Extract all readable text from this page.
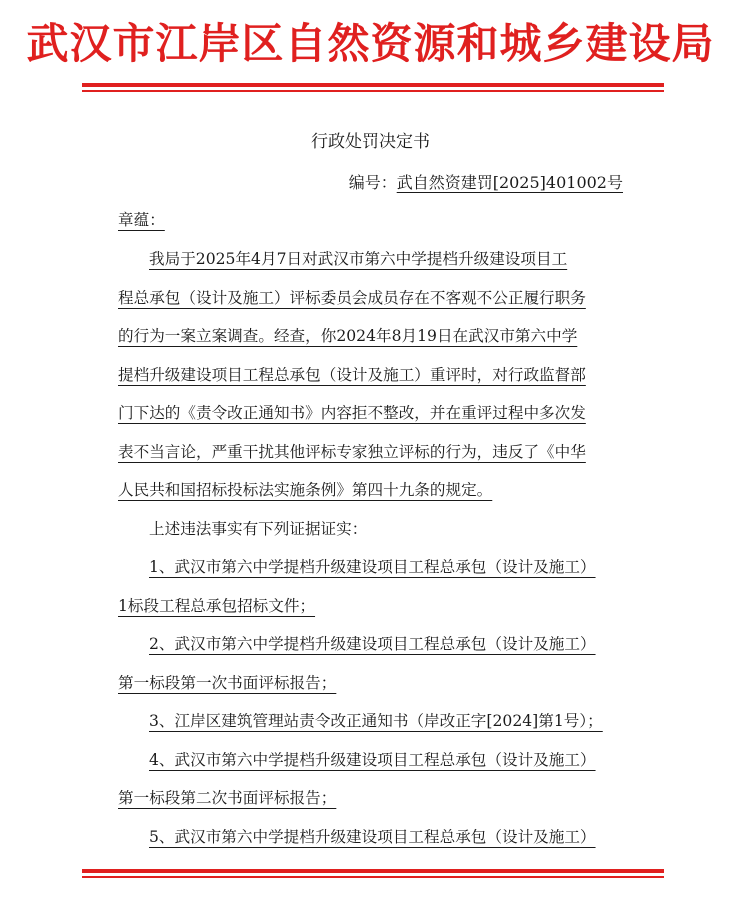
武汉市江岸区自然资源和城乡建设局
行政处罚决定书
编号：武自然资建罚[2025]401002号
章蕴：
我局于2025年4月7日对武汉市第六中学提档升级建设项目工
程总承包（设计及施工）评标委员会成员存在不客观不公正履行职务
的行为一案立案调查。经查，你2024年8月19日在武汉市第六中学
提档升级建设项目工程总承包（设计及施工）重评时，对行政监督部
门下达的《责令改正通知书》内容拒不整改，并在重评过程中多次发
表不当言论，严重干扰其他评标专家独立评标的行为，违反了《中华
人民共和国招标投标法实施条例》第四十九条的规定。
上述违法事实有下列证据证实：
1、武汉市第六中学提档升级建设项目工程总承包（设计及施工）
1标段工程总承包招标文件；
2、武汉市第六中学提档升级建设项目工程总承包（设计及施工）
第一标段第一次书面评标报告；
3、江岸区建筑管理站责令改正通知书（岸改正字[2024]第1号）；
4、武汉市第六中学提档升级建设项目工程总承包（设计及施工）
第一标段第二次书面评标报告；
5、武汉市第六中学提档升级建设项目工程总承包（设计及施工）
